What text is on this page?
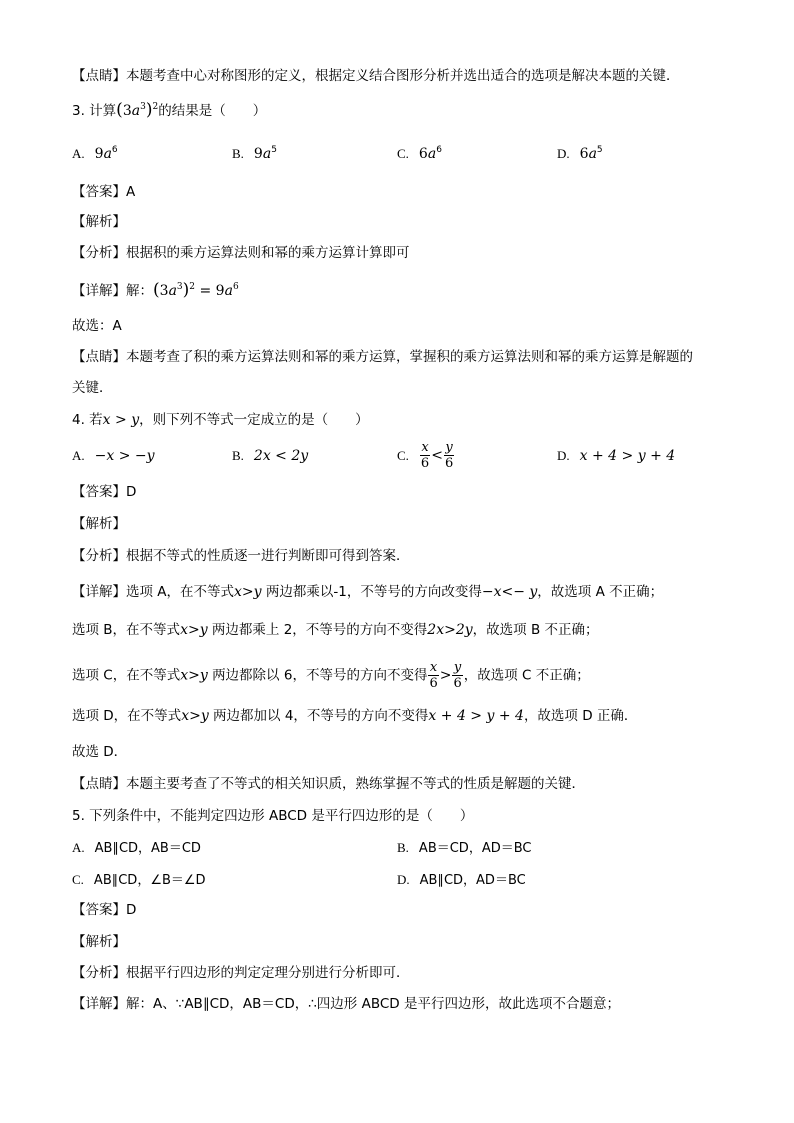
【点睛】本题考查中心对称图形的定义，根据定义结合图形分析并选出适合的选项是解决本题的关键．
3. 计算$(3a^3)^2$的结果是（　　）
A. $9a^6$	B. $9a^5$	C. $6a^6$	D. $6a^5$
【答案】A
【解析】
【分析】根据积的乘方运算法则和幂的乘方运算计算即可
【详解】解：$(3a^3)^2 = 9a^6$
故选：A
【点睛】本题考查了积的乘方运算法则和幂的乘方运算，掌握积的乘方运算法则和幂的乘方运算是解题的
关键．
4. 若x > y，则下列不等式一定成立的是（　　）
A. −x > −y	B. 2x < 2y	C. $\frac{x}{6} < \frac{y}{6}$	D. x + 4 > y + 4
【答案】D
【解析】
【分析】根据不等式的性质逐一进行判断即可得到答案．
【详解】选项 A，在不等式x>y 两边都乘以-1，不等号的方向改变得−x<− y，故选项 A 不正确；
选项 B，在不等式x>y 两边都乘上 2，不等号的方向不变得2x>2y，故选项 B 不正确；
选项 C，在不等式x>y 两边都除以 6，不等号的方向不变得 $\frac{x}{6} > \frac{y}{6}$ ，故选项 C 不正确；
选项 D，在不等式x>y 两边都加以 4，不等号的方向不变得x + 4 > y + 4，故选项 D 正确．
故选 D．
【点睛】本题主要考查了不等式的相关知识质，熟练掌握不等式的性质是解题的关键．
5. 下列条件中，不能判定四边形 ABCD 是平行四边形的是（　　）
A. AB∥CD，AB＝CD	B. AB＝CD，AD＝BC
C. AB∥CD，∠B＝∠D	D. AB∥CD，AD＝BC
【答案】D
【解析】
【分析】根据平行四边形的判定定理分别进行分析即可．
【详解】解：A、∵AB∥CD，AB＝CD，∴四边形 ABCD 是平行四边形，故此选项不合题意；
